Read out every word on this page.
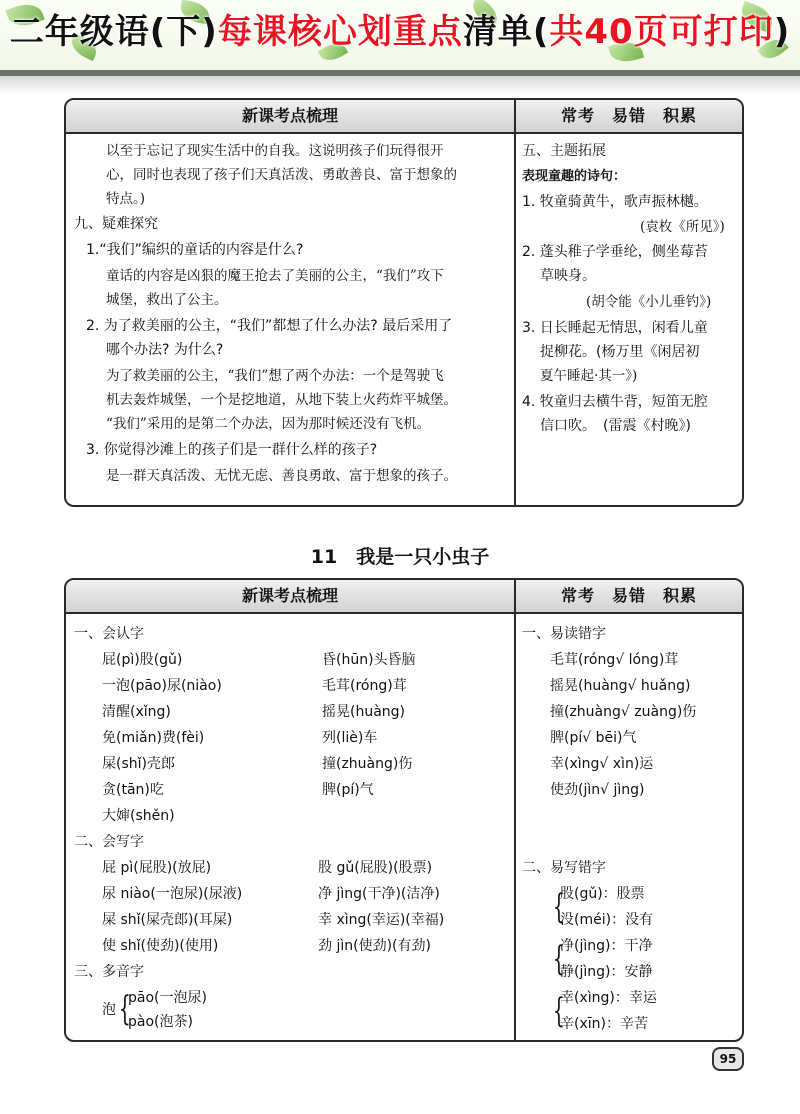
二年级语(下)每课核心划重点清单(共40页可打印)
新课考点梳理	常考　易错　积累
以至于忘记了现实生活中的自我。这说明孩子们玩得很开
心，同时也表现了孩子们天真活泼、勇敢善良、富于想象的
特点。)
九、疑难探究
1.“我们”编织的童话的内容是什么?
童话的内容是凶狠的魔王抢去了美丽的公主，“我们”攻下
城堡，救出了公主。
2. 为了救美丽的公主，“我们”都想了什么办法? 最后采用了
哪个办法? 为什么?
为了救美丽的公主，“我们”想了两个办法：一个是驾驶飞
机去轰炸城堡，一个是挖地道，从地下装上火药炸平城堡。
“我们”采用的是第二个办法，因为那时候还没有飞机。
3. 你觉得沙滩上的孩子们是一群什么样的孩子?
是一群天真活泼、无忧无虑、善良勇敢、富于想象的孩子。
五、主题拓展
表现童趣的诗句：
1. 牧童骑黄牛，歌声振林樾。
(袁枚《所见》)
2. 蓬头稚子学垂纶，侧坐莓苔
草映身。
(胡令能《小儿垂钓》)
3. 日长睡起无情思，闲看儿童
捉柳花。(杨万里《闲居初
夏午睡起·其一》)
4. 牧童归去横牛背，短笛无腔
信口吹。　(雷震《村晚》)
11　我是一只小虫子
新课考点梳理	常考　易错　积累
一、会认字
屁(pì)股(gǔ)
一泡(pāo)尿(niào)
清醒(xǐng)
免(miǎn)费(fèi)
屎(shǐ)壳郎
贪(tān)吃
大婶(shěn)
昏(hūn)头昏脑
毛茸(róng)茸
摇晃(huàng)
列(liè)车
撞(zhuàng)伤
脾(pí)气
二、会写字
屁 pì(屁股)(放屁)
尿 niào(一泡尿)(尿液)
屎 shǐ(屎壳郎)(耳屎)
使 shǐ(使劲)(使用)
股 gǔ(屁股)(股票)
净 jìng(干净)(洁净)
幸 xìng(幸运)(幸福)
劲 jìn(使劲)(有劲)
三、多音字
泡 {
pāo(一泡尿)
pào(泡茶)
一、易读错字
毛茸(róng√ lóng)茸
摇晃(huàng√ huǎng)
撞(zhuàng√ zuàng)伤
脾(pí√ bēi)气
幸(xìng√ xìn)运
使劲(jìn√ jìng)
二、易写错字
{
股(gǔ)：股票
没(méi)：没有
{
净(jìng)：干净
静(jìng)：安静
{
幸(xìng)：幸运
辛(xīn)：辛苦
95
